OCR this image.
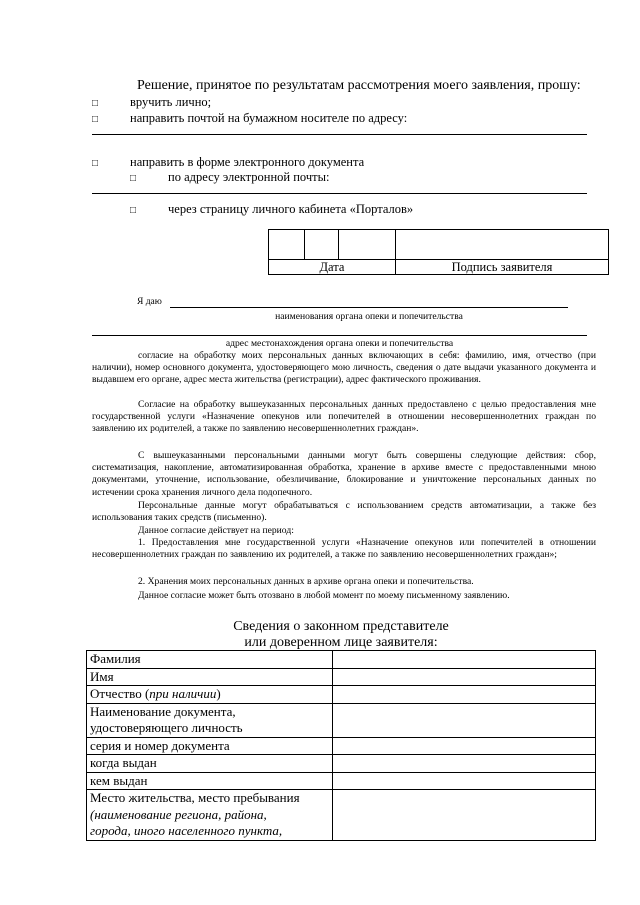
Решение, принятое по результатам рассмотрения моего заявления, прошу:
□	вручить лично;
□	направить почтой на бумажном носителе по адресу:
□	направить в форме электронного документа
□	по адресу электронной почты:
□	через страницу личного кабинета «Порталов»

Дата			Подпись заявителя
Я даю
наименования органа опеки и попечительства
адрес местонахождения органа опеки и попечительства
согласие на обработку моих персональных данных включающих в себя: фамилию, имя, отчество (при наличии), номер основного документа, удостоверяющего мою личность, сведения о дате выдачи указанного документа и выдавшем его органе, адрес места жительства (регистрации), адрес фактического проживания.
Согласие на обработку вышеуказанных персональных данных предоставлено с целью предоставления мне государственной услуги «Назначение опекунов или попечителей в отношении несовершеннолетних граждан по заявлению их родителей, а также по заявлению несовершеннолетних граждан».
С вышеуказанными персональными данными могут быть совершены следующие действия: сбор, систематизация, накопление, автоматизированная обработка, хранение в архиве вместе с предоставленными мною документами, уточнение, использование, обезличивание, блокирование и уничтожение персональных данных по истечении срока хранения личного дела подопечного.
Персональные данные могут обрабатываться с использованием средств автоматизации, а также без использования таких средств (письменно).
Данное согласие действует на период:
1. Предоставления мне государственной услуги «Назначение опекунов или попечителей в отношении несовершеннолетних граждан по заявлению их родителей, а также по заявлению несовершеннолетних граждан»;
2. Хранения моих персональных данных в архиве органа опеки и попечительства.
Данное согласие может быть отозвано в любой момент по моему письменному заявлению.
Сведения о законном представителе
или доверенном лице заявителя:
Фамилия	
Имя	
Отчество (при наличии)	

Наименование документа,
удостоверяющего личность	

серия и номер документа	
когда выдан	
кем выдан	

Место жительства, место пребывания
(наименование региона, района,
города, иного населенного пункта,	
